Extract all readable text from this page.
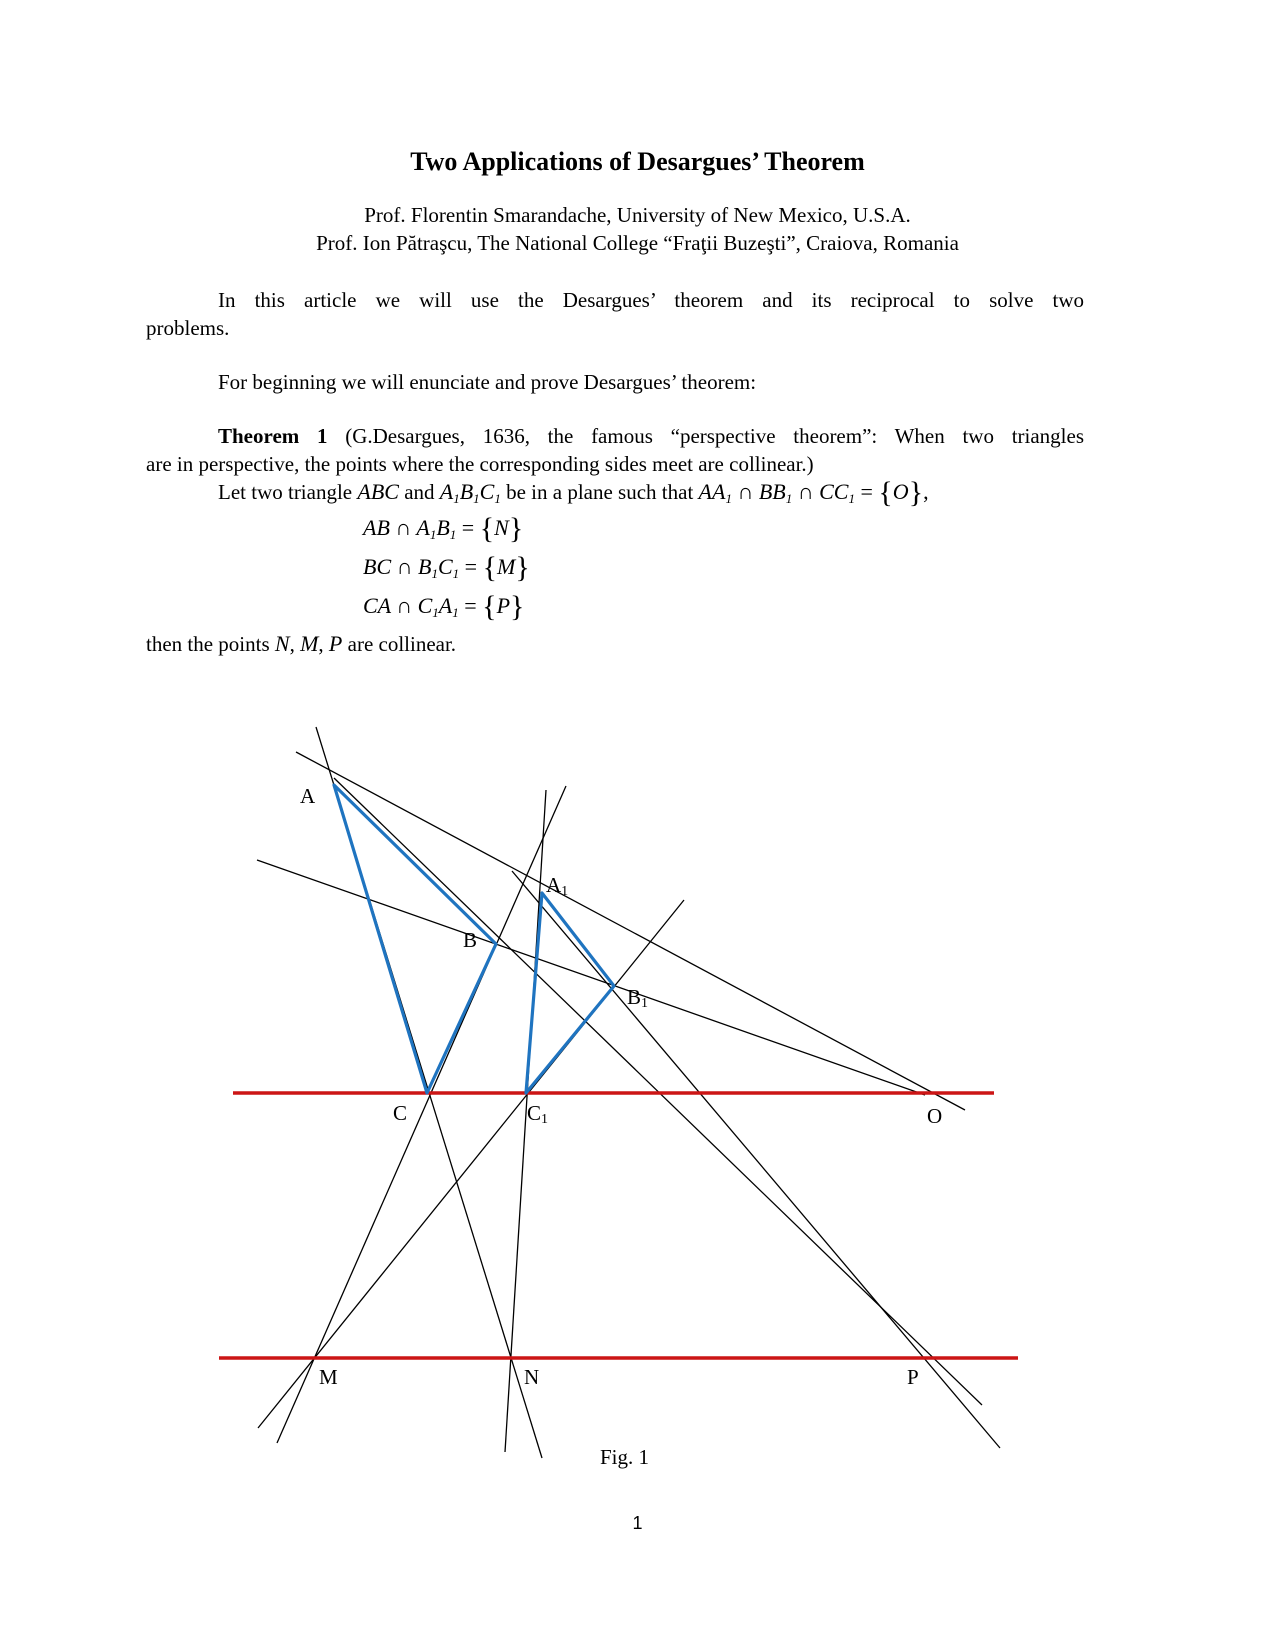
Two Applications of Desargues’ Theorem
Prof. Florentin Smarandache, University of New Mexico, U.S.A.
Prof. Ion Pătraşcu, The National College “Fraţii Buzeşti”, Craiova, Romania
In this article we will use the Desargues’ theorem and its reciprocal to solve two
problems.
For beginning we will enunciate and prove Desargues’ theorem:
Theorem 1 (G.Desargues, 1636, the famous “perspective theorem”: When two triangles
are in perspective, the points where the corresponding sides meet are collinear.)
Let two triangle ABC and $A_1B_1C_1$ be in a plane such that $AA_1$ ∩ $BB_1$ ∩ $CC_1 = \{O\}$,
AB ∩ $A_1B_1 = \{N\}$
BC ∩ $B_1C_1 = \{M\}$
CA ∩ $C_1A_1 = \{P\}$
then the points N, M, P are collinear.
A
A1
B
B1
C	C1	O
M	N	P
Fig. 1
1
